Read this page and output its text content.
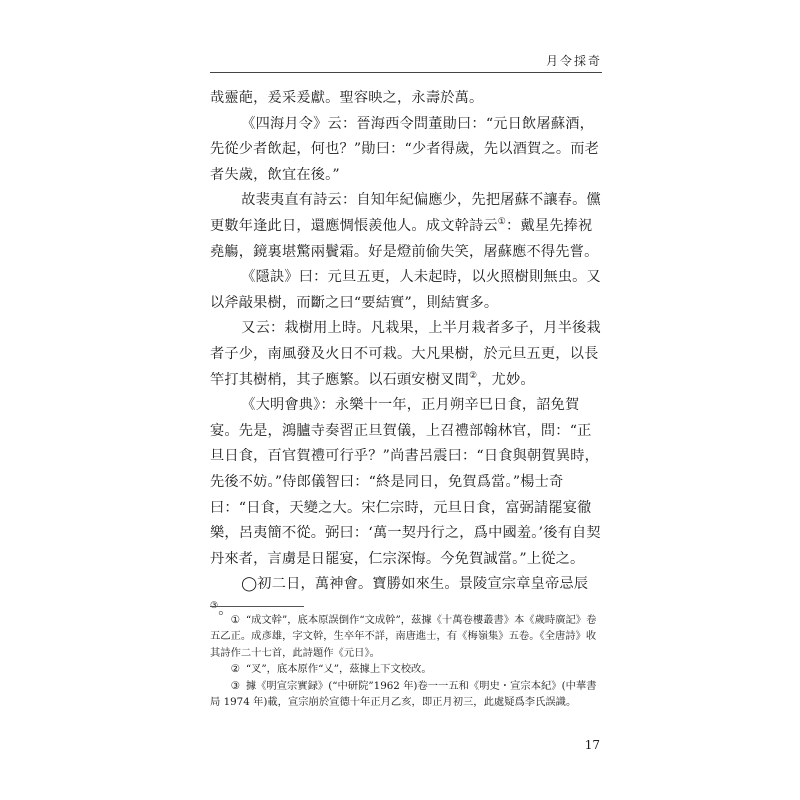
月令採奇

哉靈葩，爰采爰獻。聖容映之，永壽於萬。

《四海月令》云：晉海西令問董勛曰：“元日飲屠蘇酒，先從少者飲起，何也？”勛曰：“少者得歲，先以酒賀之。而老者失歲，飲宜在後。”

故裴夷直有詩云：自知年紀偏應少，先把屠蘇不讓春。儻更數年逢此日，還應惆悵羨他人。成文幹詩云①：戴星先捧祝堯觴，鏡裏堪驚兩鬢霜。好是燈前偷失笑，屠蘇應不得先嘗。

《隱訣》曰：元旦五更，人未起時，以火照樹則無虫。又以斧敲果樹，而斷之曰“要結實”，則結實多。

又云：栽樹用上時。凡栽果，上半月栽者多子，月半後栽者子少，南風發及火日不可栽。大凡果樹，於元旦五更，以長竿打其樹梢，其子應繁。以石頭安樹叉間②，尤妙。

《大明會典》：永樂十一年，正月朔辛巳日食，詔免賀宴。先是，鴻臚寺奏習正旦賀儀，上召禮部翰林官，問：“正旦日食，百官賀禮可行乎？”尚書呂震曰：“日食與朝賀異時，先後不妨。”侍郎儀智曰：“終是同日，免賀爲當。”楊士奇曰：“日食，天變之大。宋仁宗時，元旦日食，富弼請罷宴徹樂，呂夷簡不從。弼曰：‘萬一契丹行之，爲中國羞。’後有自契丹來者，言虜是日罷宴，仁宗深悔。今免賀誠當。”上從之。

◯初二日，萬神會。寶勝如來生。景陵宣宗章皇帝忌辰③。

① “成文幹”，底本原誤倒作“文成幹”，茲據《十萬卷樓叢書》本《歲時廣記》卷五乙正。成彥雄，字文幹，生卒年不詳，南唐進士，有《梅嶺集》五卷。《全唐詩》收其詩作二十七首，此詩題作《元日》。

② “叉”，底本原作“乂”，茲據上下文校改。

③ 據《明宣宗實録》(“中研院”1962 年)卷一一五和《明史・宣宗本紀》(中華書局 1974 年)載，宣宗崩於宣德十年正月乙亥，即正月初三，此處疑爲李氏誤識。

17
